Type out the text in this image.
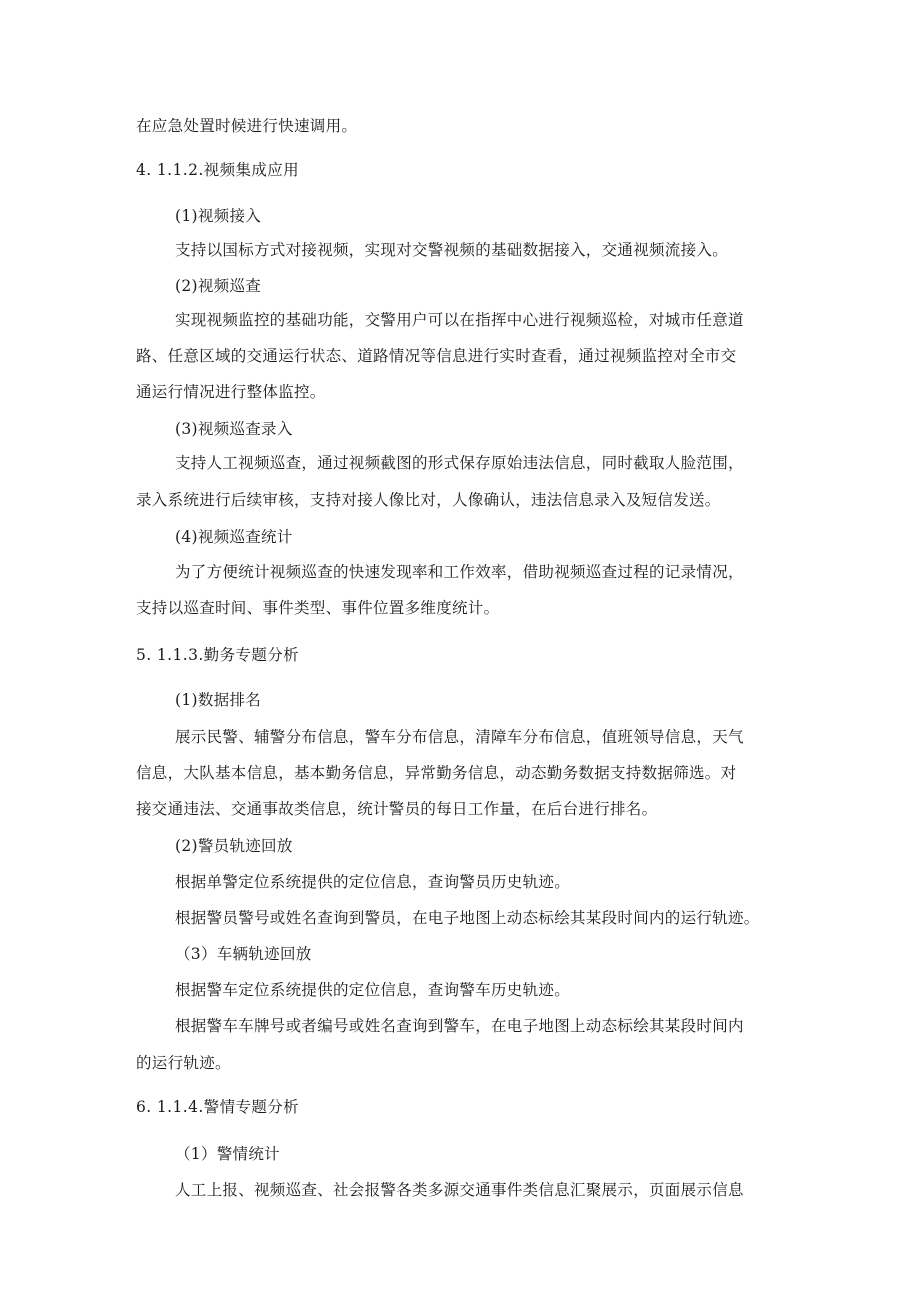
在应急处置时候进行快速调用。
4. 1.1.2.视频集成应用
(1)视频接入
支持以国标方式对接视频，实现对交警视频的基础数据接入，交通视频流接入。
(2)视频巡查
实现视频监控的基础功能，交警用户可以在指挥中心进行视频巡检，对城市任意道
路、任意区域的交通运行状态、道路情况等信息进行实时查看，通过视频监控对全市交
通运行情况进行整体监控。
(3)视频巡查录入
支持人工视频巡查，通过视频截图的形式保存原始违法信息，同时截取人脸范围，
录入系统进行后续审核，支持对接人像比对，人像确认，违法信息录入及短信发送。
(4)视频巡查统计
为了方便统计视频巡查的快速发现率和工作效率，借助视频巡查过程的记录情况，
支持以巡查时间、事件类型、事件位置多维度统计。
5. 1.1.3.勤务专题分析
(1)数据排名
展示民警、辅警分布信息，警车分布信息，清障车分布信息，值班领导信息，天气
信息，大队基本信息，基本勤务信息，异常勤务信息，动态勤务数据支持数据筛选。对
接交通违法、交通事故类信息，统计警员的每日工作量，在后台进行排名。
(2)警员轨迹回放
根据单警定位系统提供的定位信息，查询警员历史轨迹。
根据警员警号或姓名查询到警员，在电子地图上动态标绘其某段时间内的运行轨迹。
（3）车辆轨迹回放
根据警车定位系统提供的定位信息，查询警车历史轨迹。
根据警车车牌号或者编号或姓名查询到警车，在电子地图上动态标绘其某段时间内
的运行轨迹。
6. 1.1.4.警情专题分析
（1）警情统计
人工上报、视频巡查、社会报警各类多源交通事件类信息汇聚展示，页面展示信息
